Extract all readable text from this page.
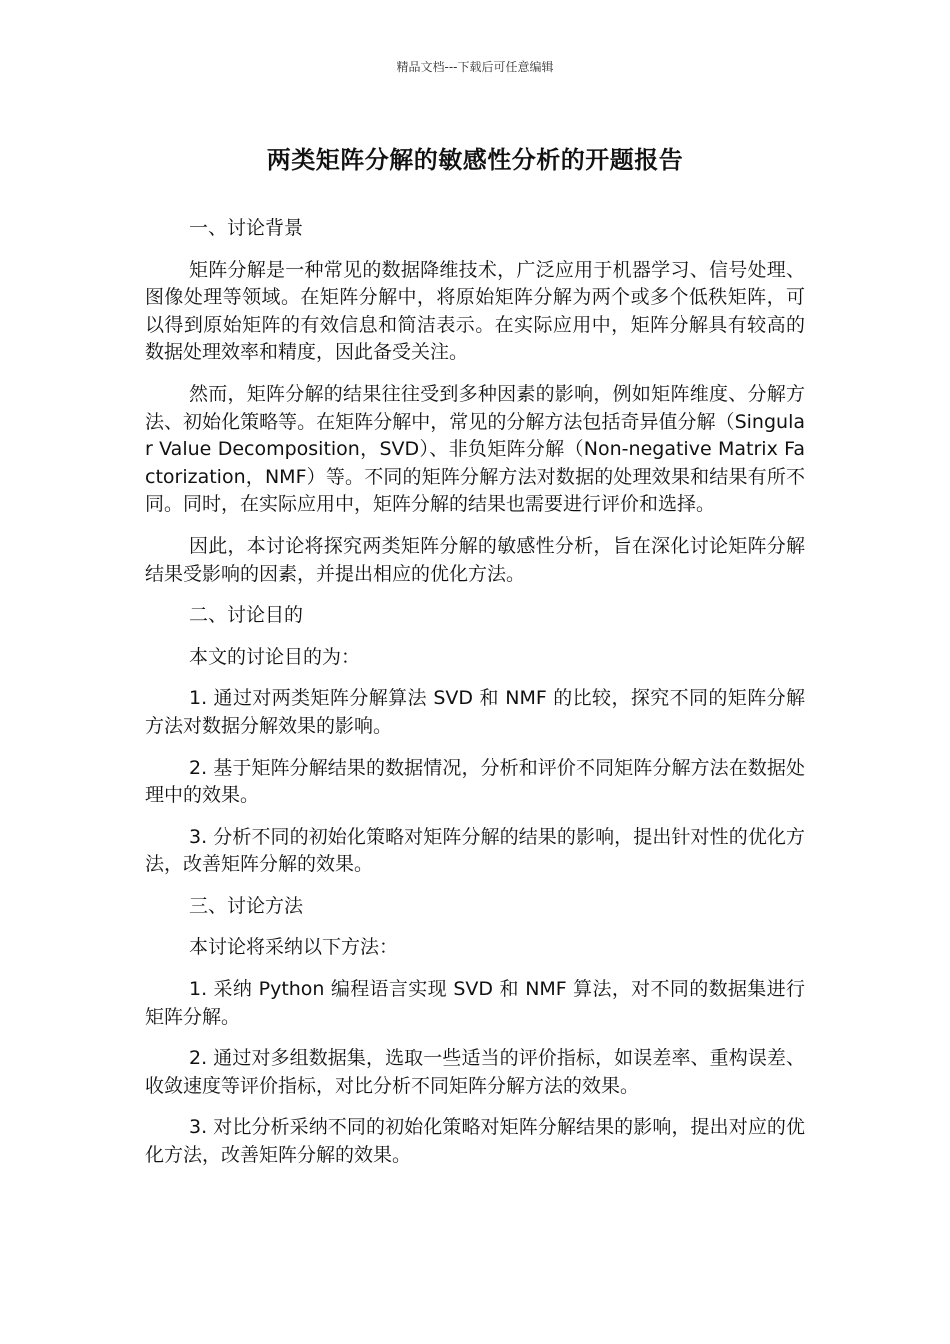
精品文档---下载后可任意编辑
两类矩阵分解的敏感性分析的开题报告

一、讨论背景

矩阵分解是一种常见的数据降维技术，广泛应用于机器学习、信号处理、图像处理等领域。在矩阵分解中，将原始矩阵分解为两个或多个低秩矩阵，可以得到原始矩阵的有效信息和简洁表示。在实际应用中，矩阵分解具有较高的数据处理效率和精度，因此备受关注。

然而，矩阵分解的结果往往受到多种因素的影响，例如矩阵维度、分解方法、初始化策略等。在矩阵分解中，常见的分解方法包括奇异值分解（Singular Value Decomposition，SVD）、非负矩阵分解（Non-negative Matrix Factorization，NMF）等。不同的矩阵分解方法对数据的处理效果和结果有所不同。同时，在实际应用中，矩阵分解的结果也需要进行评价和选择。

因此，本讨论将探究两类矩阵分解的敏感性分析，旨在深化讨论矩阵分解结果受影响的因素，并提出相应的优化方法。

二、讨论目的

本文的讨论目的为：

1. 通过对两类矩阵分解算法 SVD 和 NMF 的比较，探究不同的矩阵分解方法对数据分解效果的影响。

2. 基于矩阵分解结果的数据情况，分析和评价不同矩阵分解方法在数据处理中的效果。

3. 分析不同的初始化策略对矩阵分解的结果的影响，提出针对性的优化方法，改善矩阵分解的效果。

三、讨论方法

本讨论将采纳以下方法：

1. 采纳 Python 编程语言实现 SVD 和 NMF 算法，对不同的数据集进行矩阵分解。

2. 通过对多组数据集，选取一些适当的评价指标，如误差率、重构误差、收敛速度等评价指标，对比分析不同矩阵分解方法的效果。

3. 对比分析采纳不同的初始化策略对矩阵分解结果的影响，提出对应的优化方法，改善矩阵分解的效果。
